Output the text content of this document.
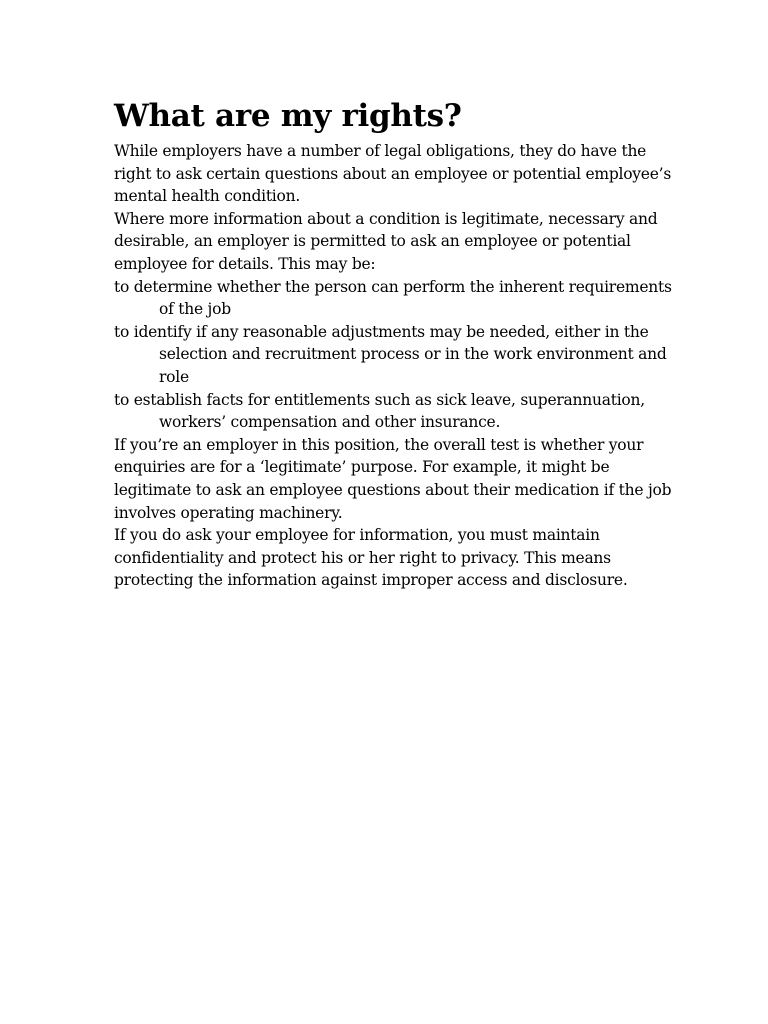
What are my rights?

While employers have a number of legal obligations, they do have the right to ask certain questions about an employee or potential employee’s mental health condition.

Where more information about a condition is legitimate, necessary and desirable, an employer is permitted to ask an employee or potential employee for details. This may be:

to determine whether the person can perform the inherent requirements of the job

to identify if any reasonable adjustments may be needed, either in the selection and recruitment process or in the work environment and role

to establish facts for entitlements such as sick leave, superannuation, workers’ compensation and other insurance.

If you’re an employer in this position, the overall test is whether your enquiries are for a ‘legitimate’ purpose. For example, it might be legitimate to ask an employee questions about their medication if the job involves operating machinery.

If you do ask your employee for information, you must maintain confidentiality and protect his or her right to privacy. This means protecting the information against improper access and disclosure.
